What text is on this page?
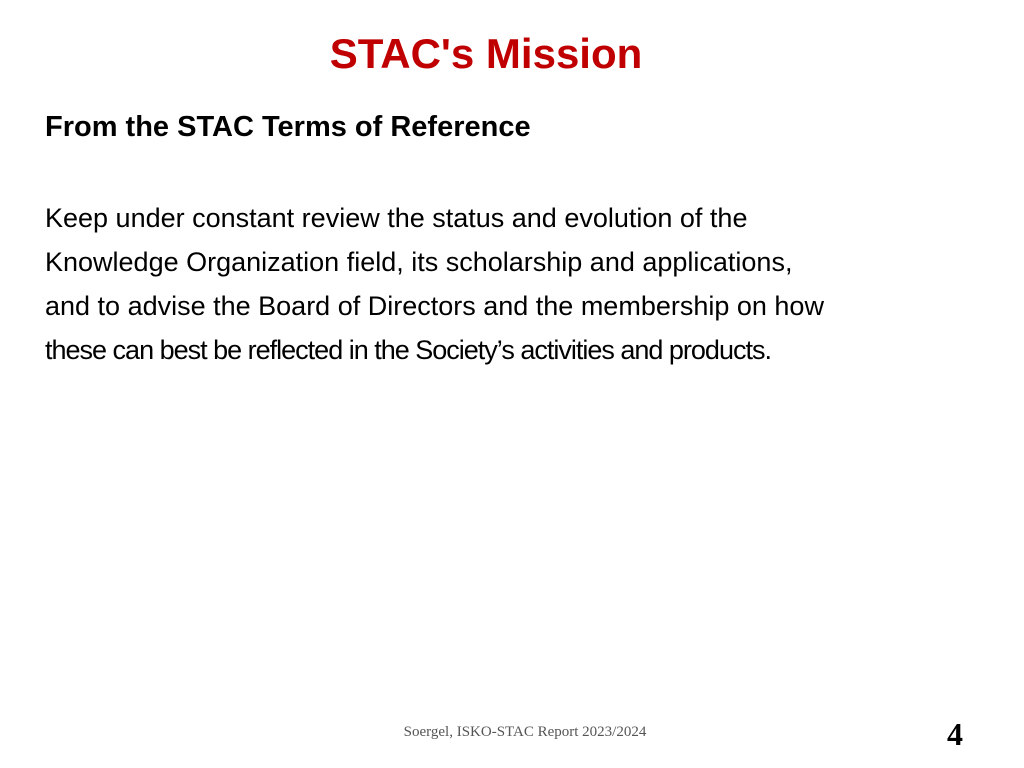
STAC's Mission
From the STAC Terms of Reference

Keep under constant review the status and evolution of the
Knowledge Organization field, its scholarship and applications,
and to advise the Board of Directors and the membership on how
these can best be reflected in the Society’s activities and products.

Soergel, ISKO-STAC Report 2023/2024	4
